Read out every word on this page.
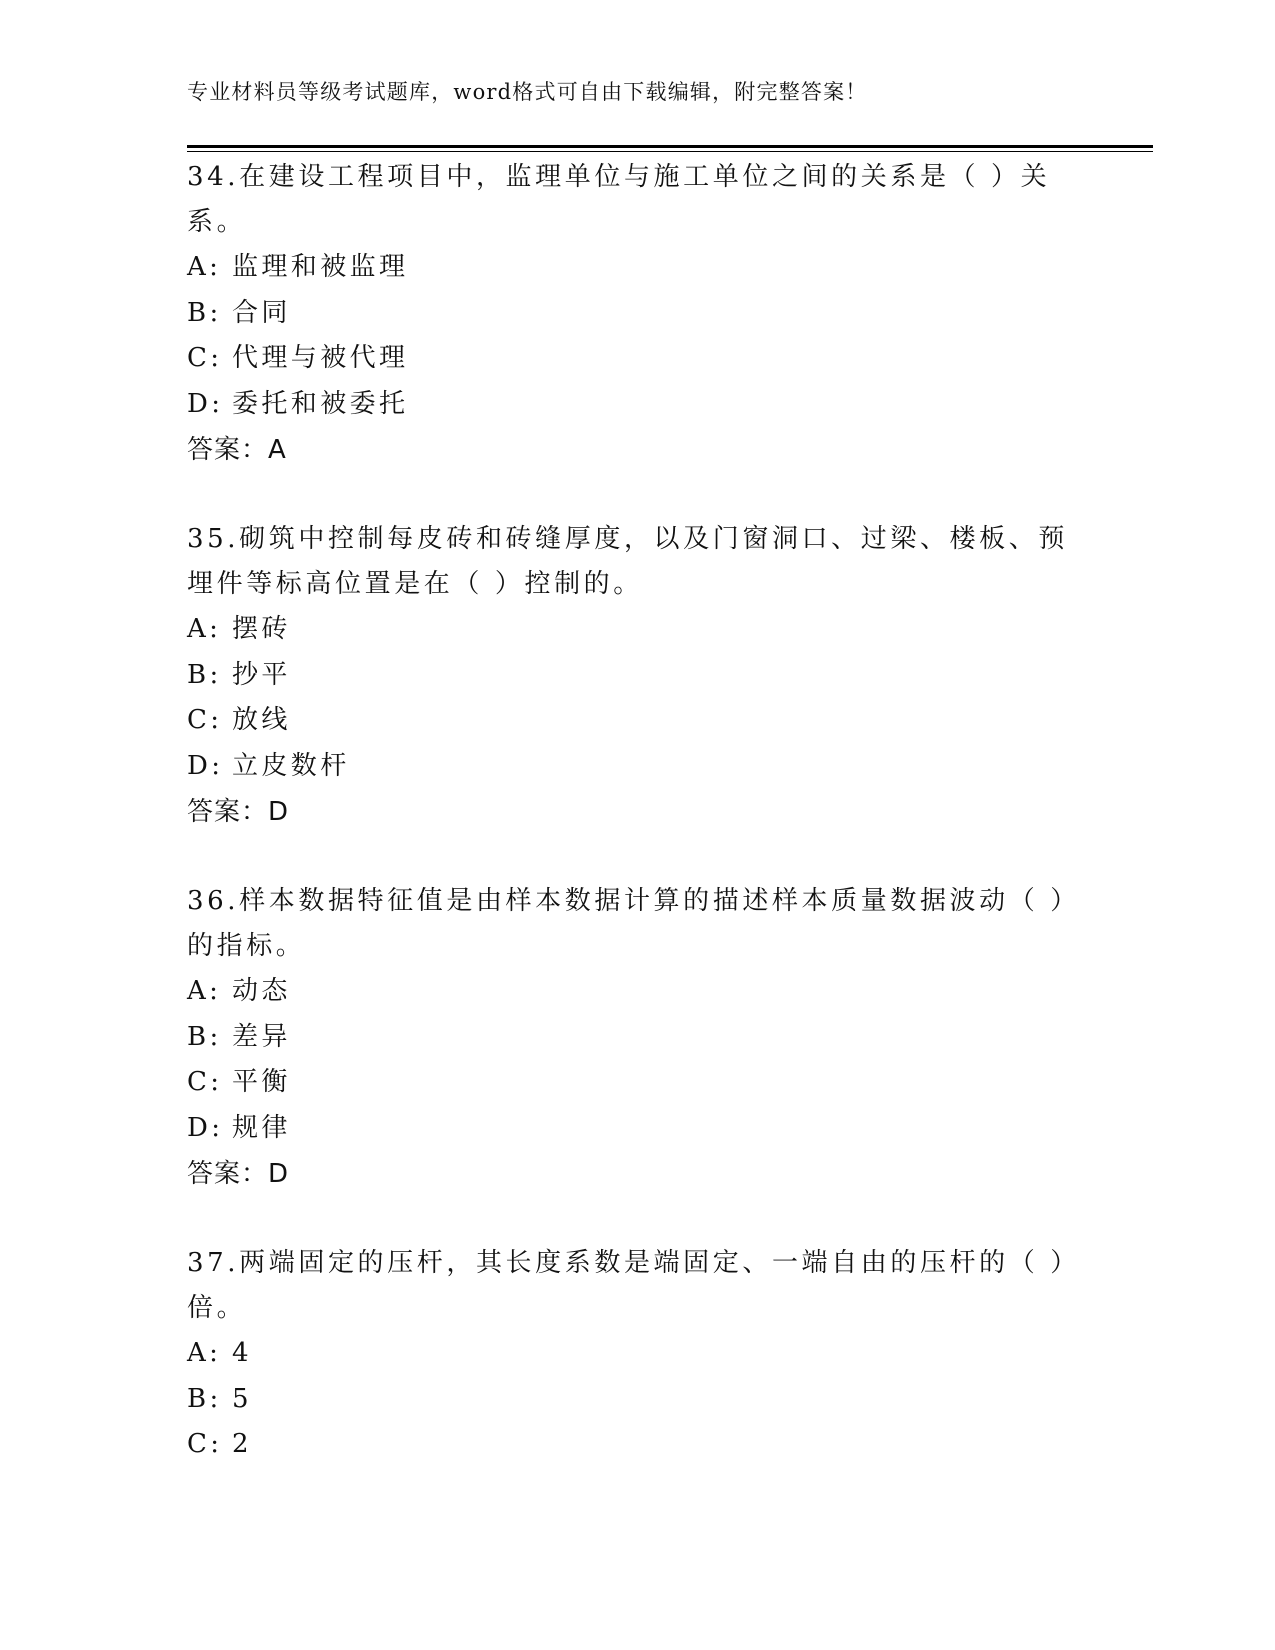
专业材料员等级考试题库，word格式可自由下载编辑，附完整答案！
34.在建设工程项目中，监理单位与施工单位之间的关系是（ ）关系。
A: 监理和被监理
B: 合同
C: 代理与被代理
D: 委托和被委托
答案：A
35.砌筑中控制每皮砖和砖缝厚度，以及门窗洞口、过梁、楼板、预埋件等标高位置是在（ ）控制的。
A: 摆砖
B: 抄平
C: 放线
D: 立皮数杆
答案：D
36.样本数据特征值是由样本数据计算的描述样本质量数据波动（ ）的指标。
A: 动态
B: 差异
C: 平衡
D: 规律
答案：D
37.两端固定的压杆，其长度系数是端固定、一端自由的压杆的（ ）倍。
A: 4
B: 5
C: 2
